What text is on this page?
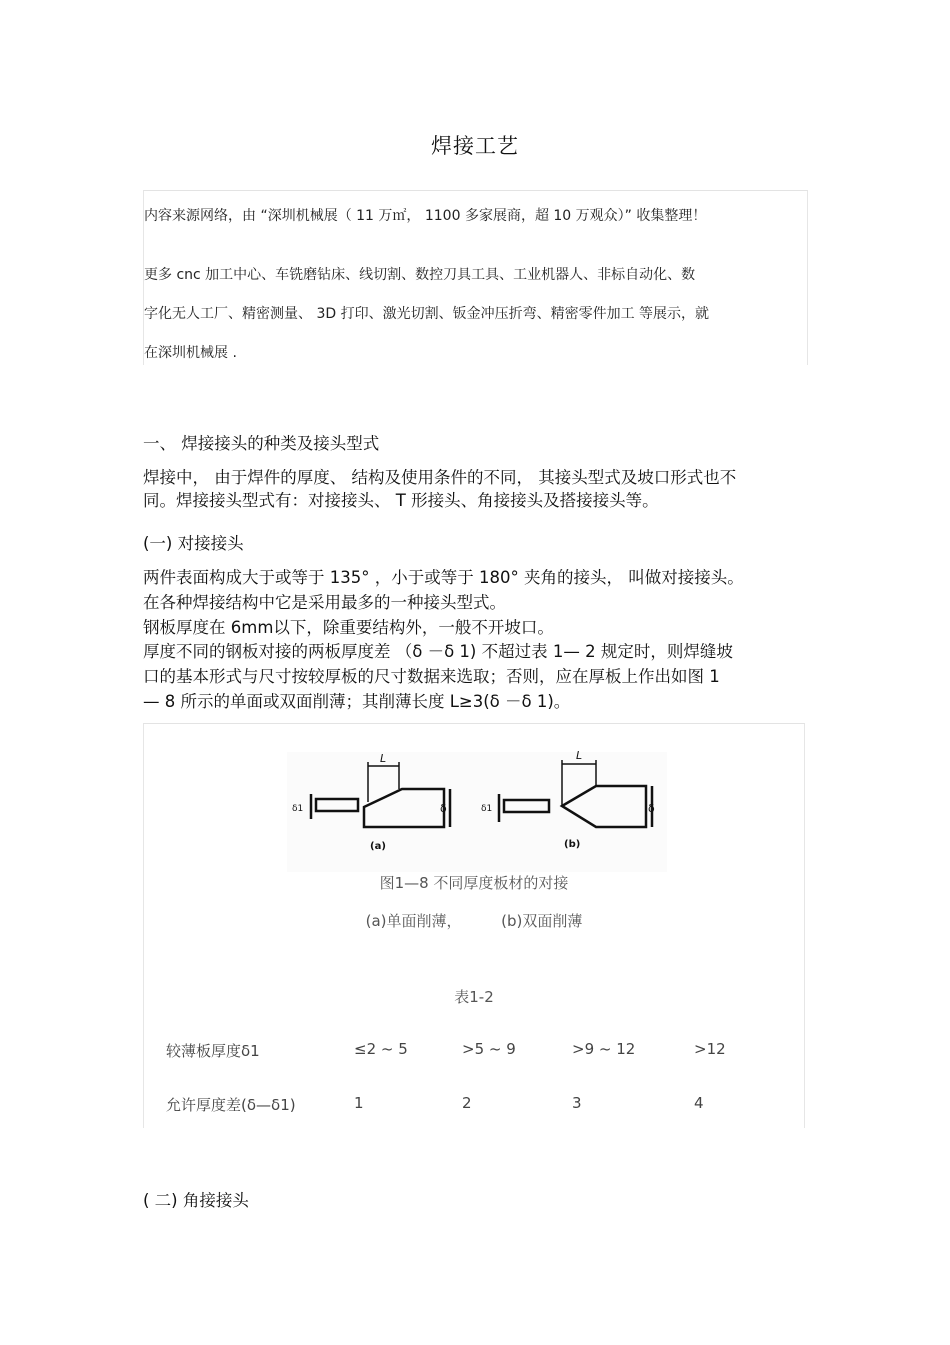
焊接工艺
内容来源网络，由 “深圳机械展（ 11 万㎡， 1100 多家展商，超 10 万观众）” 收集整理！
更多 cnc 加工中心、车铣磨钻床、线切割、数控刀具工具、工业机器人、非标自动化、数
字化无人工厂、精密测量、 3D 打印、激光切割、钣金冲压折弯、精密零件加工 等展示，就
在深圳机械展 .
一、 焊接接头的种类及接头型式
焊接中， 由于焊件的厚度、 结构及使用条件的不同， 其接头型式及坡口形式也不
同。焊接接头型式有：对接接头、 T 形接头、角接接头及搭接接头等。
(一) 对接接头
两件表面构成大于或等于 135° ，小于或等于 180° 夹角的接头， 叫做对接接头。
在各种焊接结构中它是采用最多的一种接头型式。
钢板厚度在 6mm以下，除重要结构外，一般不开坡口。
厚度不同的钢板对接的两板厚度差 （δ －δ 1) 不超过表 1— 2 规定时，则焊缝坡
口的基本形式与尺寸按较厚板的尺寸数据来选取；否则，应在厚板上作出如图 1
— 8 所示的单面或双面削薄；其削薄长度 L≥3(δ －δ 1)。
L
δ
δ1
(a)
L
δ
δ1
(b)
图1—8 不同厚度板材的对接
(a)单面削薄，	(b)双面削薄
表1-2
较薄板厚度δ1	≤2 ~ 5	>5 ~ 9	>9 ~ 12	>12
允许厚度差(δ—δ1)	1	2	3	4
( 二) 角接接头
